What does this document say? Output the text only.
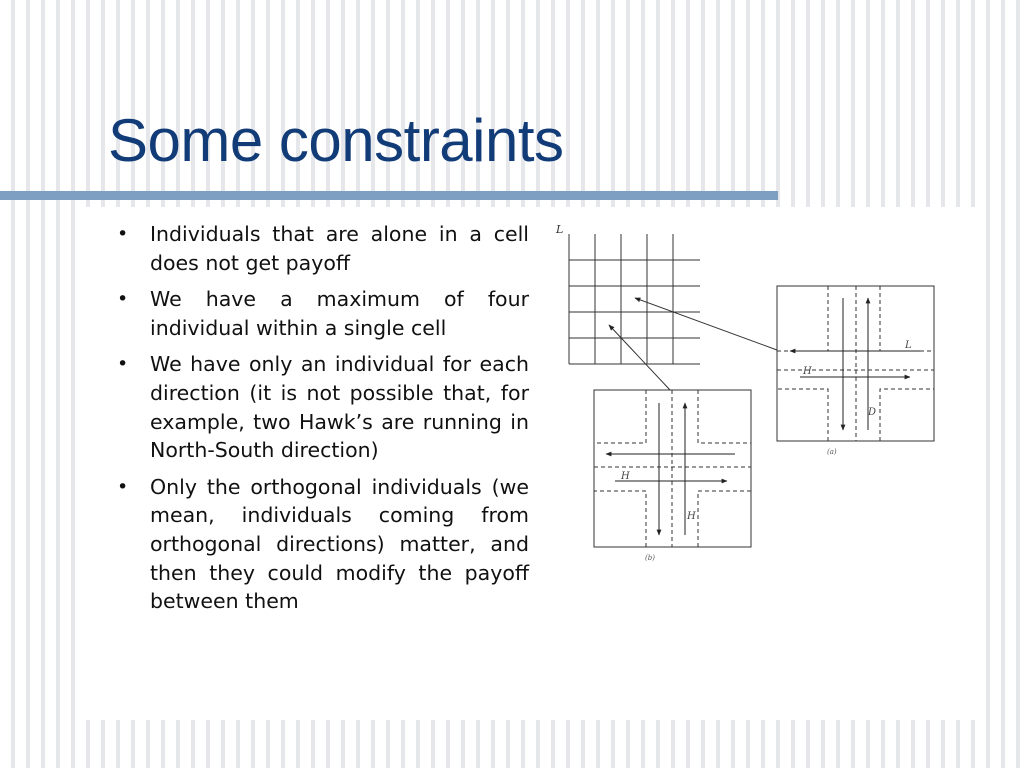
Some constraints
• Individuals that are alone in a cell does not get payoff
• We have a maximum of four individual within a single cell
• We have only an individual for each direction (it is not possible that, for example, two Hawk’s are running in North-South direction)
• Only the orthogonal individuals (we mean, individuals coming from orthogonal directions) matter, and then they could modify the payoff between them
L
L
H
D
(a)
H
H
(b)
